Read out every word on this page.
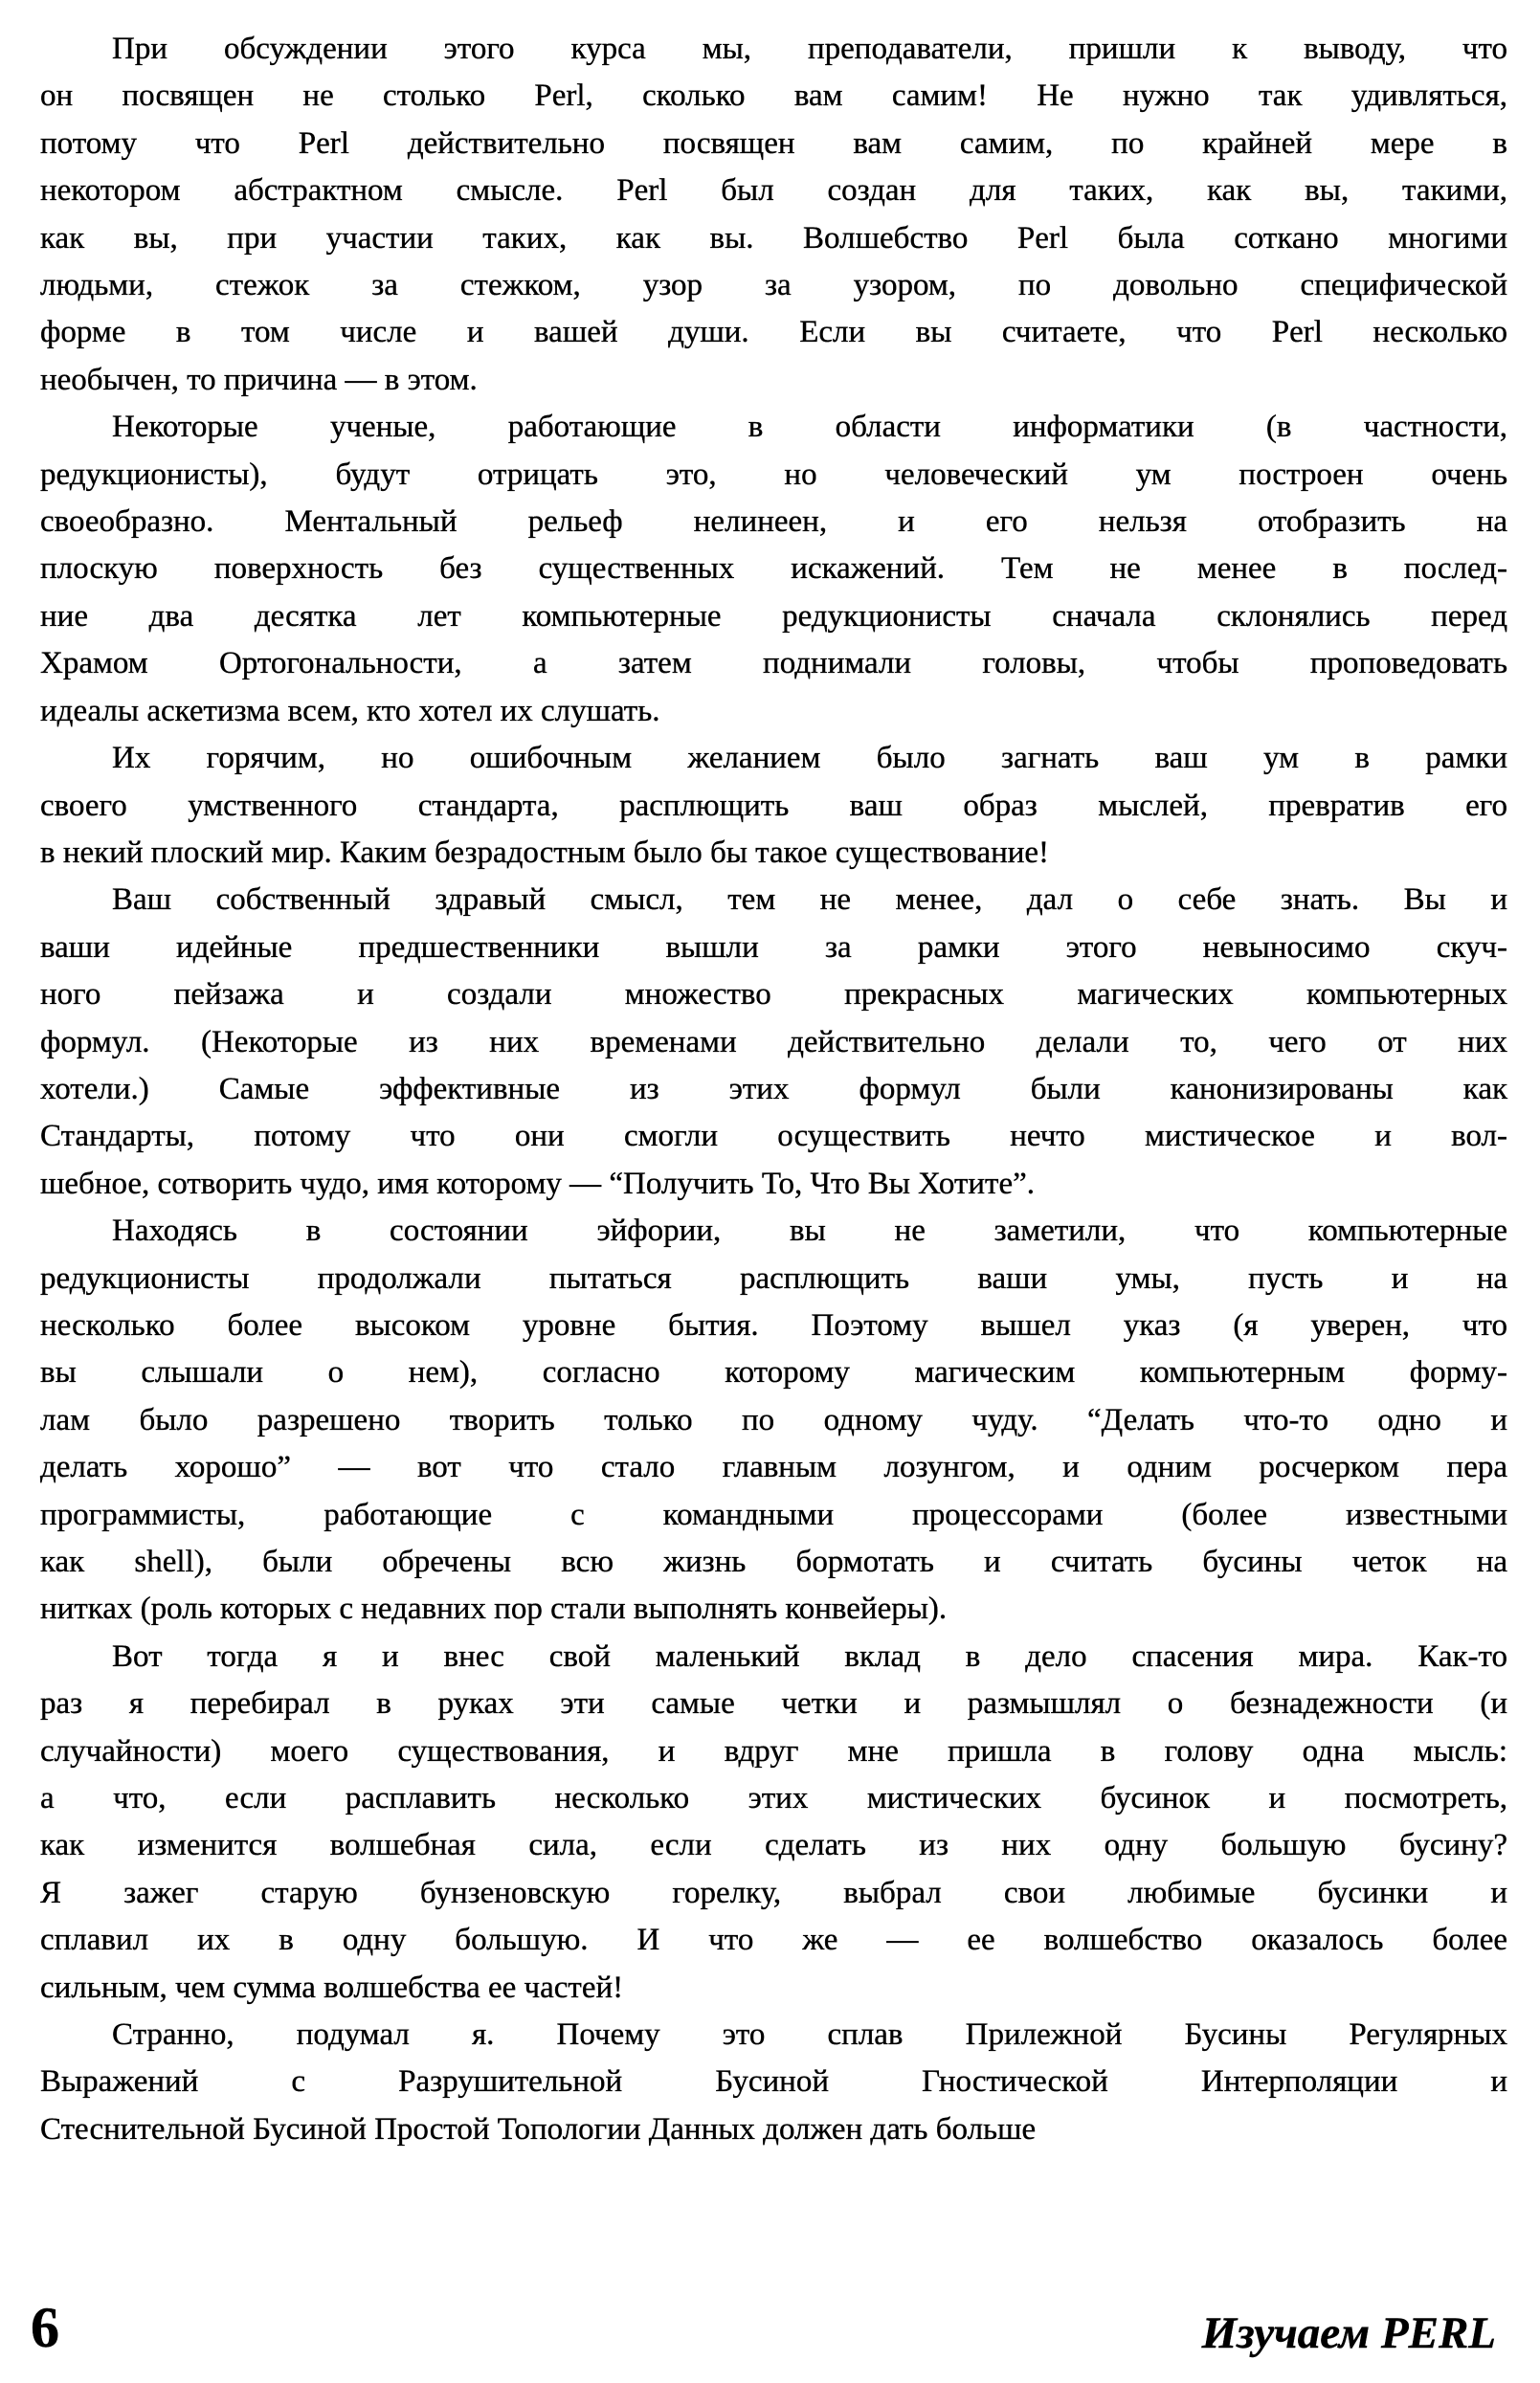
При обсуждении этого курса мы, преподаватели, пришли к выводу, что
он посвящен не столько Perl, сколько вам самим! Не нужно так удивляться,
потому что Perl действительно посвящен вам самим, по крайней мере в
некотором абстрактном смысле. Perl был создан для таких, как вы, такими,
как вы, при участии таких, как вы. Волшебство Perl была соткано многими
людьми, стежок за стежком, узор за узором, по довольно специфической
форме в том числе и вашей души. Если вы считаете, что Perl несколько
необычен, то причина — в этом.

Некоторые ученые, работающие в области информатики (в частности,
редукционисты), будут отрицать это, но человеческий ум построен очень
своеобразно. Ментальный рельеф нелинеен, и его нельзя отобразить на
плоскую поверхность без существенных искажений. Тем не менее в послед-
ние два десятка лет компьютерные редукционисты сначала склонялись перед
Храмом Ортогональности, а затем поднимали головы, чтобы проповедовать
идеалы аскетизма всем, кто хотел их слушать.

Их горячим, но ошибочным желанием было загнать ваш ум в рамки
своего умственного стандарта, расплющить ваш образ мыслей, превратив его
в некий плоский мир. Каким безрадостным было бы такое существование!

Ваш собственный здравый смысл, тем не менее, дал о себе знать. Вы и
ваши идейные предшественники вышли за рамки этого невыносимо скуч-
ного пейзажа и создали множество прекрасных магических компьютерных
формул. (Некоторые из них временами действительно делали то, чего от них
хотели.) Самые эффективные из этих формул были канонизированы как
Стандарты, потому что они смогли осуществить нечто мистическое и вол-
шебное, сотворить чудо, имя которому — “Получить То, Что Вы Хотите”.

Находясь в состоянии эйфории, вы не заметили, что компьютерные
редукционисты продолжали пытаться расплющить ваши умы, пусть и на
несколько более высоком уровне бытия. Поэтому вышел указ (я уверен, что
вы слышали о нем), согласно которому магическим компьютерным форму-
лам было разрешено творить только по одному чуду. “Делать что-то одно и
делать хорошо” — вот что стало главным лозунгом, и одним росчерком пера
программисты, работающие с командными процессорами (более известными
как shell), были обречены всю жизнь бормотать и считать бусины четок на
нитках (роль которых с недавних пор стали выполнять конвейеры).

Вот тогда я и внес свой маленький вклад в дело спасения мира. Как-то
раз я перебирал в руках эти самые четки и размышлял о безнадежности (и
случайности) моего существования, и вдруг мне пришла в голову одна мысль:
а что, если расплавить несколько этих мистических бусинок и посмотреть,
как изменится волшебная сила, если сделать из них одну большую бусину?
Я зажег старую бунзеновскую горелку, выбрал свои любимые бусинки и
сплавил их в одну большую. И что же — ее волшебство оказалось более
сильным, чем сумма волшебства ее частей!

Странно, подумал я. Почему это сплав Прилежной Бусины Регулярных
Выражений с Разрушительной Бусиной Гностической Интерполяции и
Стеснительной Бусиной Простой Топологии Данных должен дать больше

6	Изучаем PERL
